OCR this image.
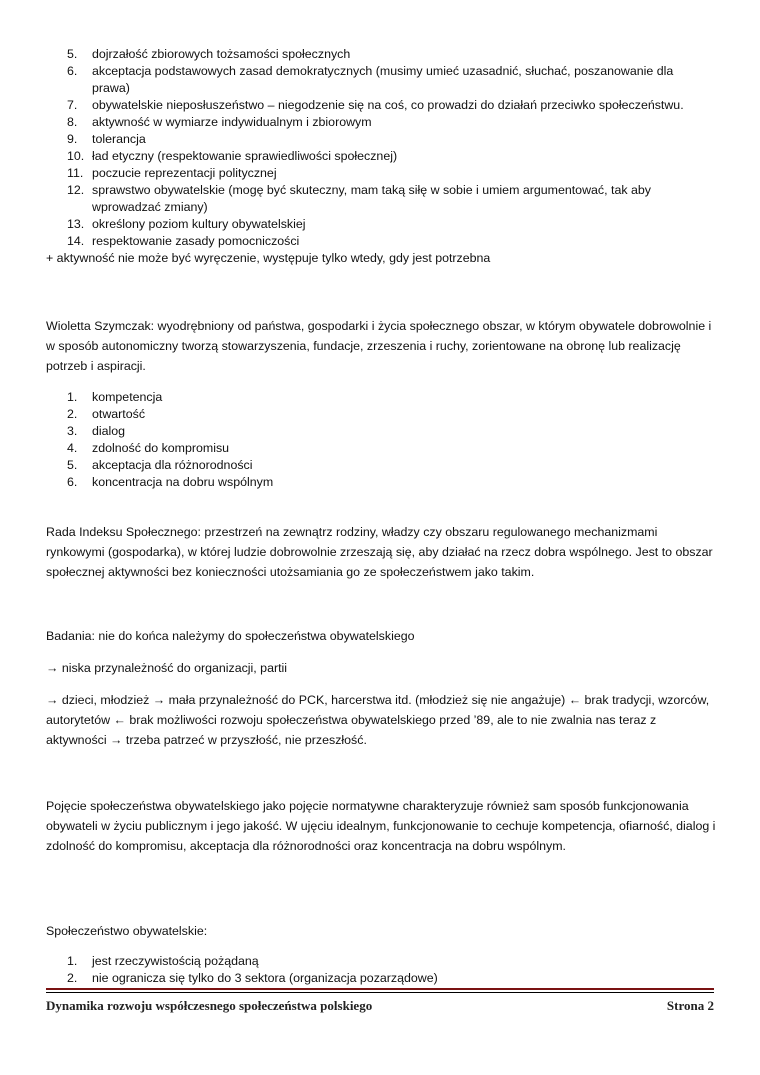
5. dojrzałość zbiorowych tożsamości społecznych
6. akceptacja podstawowych zasad demokratycznych (musimy umieć uzasadnić, słuchać, poszanowanie dla prawa)
7. obywatelskie nieposłuszeństwo – niegodzenie się na coś, co prowadzi do działań przeciwko społeczeństwu.
8. aktywność w wymiarze indywidualnym i zbiorowym
9. tolerancja
10. ład etyczny (respektowanie sprawiedliwości społecznej)
11. poczucie reprezentacji politycznej
12. sprawstwo obywatelskie (mogę być skuteczny, mam taką siłę w sobie i umiem argumentować, tak aby wprowadzać zmiany)
13. określony poziom kultury obywatelskiej
14. respektowanie zasady pomocniczości
+ aktywność nie może być wyręczenie, występuje tylko wtedy, gdy jest potrzebna
Wioletta Szymczak: wyodrębniony od państwa, gospodarki i życia społecznego obszar, w którym obywatele dobrowolnie i w sposób autonomiczny tworzą stowarzyszenia, fundacje, zrzeszenia i ruchy, zorientowane na obronę lub realizację potrzeb i aspiracji.
1. kompetencja
2. otwartość
3. dialog
4. zdolność do kompromisu
5. akceptacja dla różnorodności
6. koncentracja na dobru wspólnym
Rada Indeksu Społecznego: przestrzeń na zewnątrz rodziny, władzy czy obszaru regulowanego mechanizmami rynkowymi (gospodarka), w której ludzie dobrowolnie zrzeszają się, aby działać na rzecz dobra wspólnego. Jest to obszar społecznej aktywności bez konieczności utożsamiania go ze społeczeństwem jako takim.
Badania: nie do końca należymy do społeczeństwa obywatelskiego
→ niska przynależność do organizacji, partii
→ dzieci, młodzież → mała przynależność do PCK, harcerstwa itd. (młodzież się nie angażuje) ← brak tradycji, wzorców, autorytetów ← brak możliwości rozwoju społeczeństwa obywatelskiego przed ’89, ale to nie zwalnia nas teraz z aktywności → trzeba patrzeć w przyszłość, nie przeszłość.
Pojęcie społeczeństwa obywatelskiego jako pojęcie normatywne charakteryzuje również sam sposób funkcjonowania obywateli w życiu publicznym i jego jakość. W ujęciu idealnym, funkcjonowanie to cechuje kompetencja, ofiarność, dialog i zdolność do kompromisu, akceptacja dla różnorodności oraz koncentracja na dobru wspólnym.
Społeczeństwo obywatelskie:
1. jest rzeczywistością pożądaną
2. nie ogranicza się tylko do 3 sektora (organizacja pozarządowe)
Dynamika rozwoju współczesnego społeczeństwa polskiego	Strona 2
